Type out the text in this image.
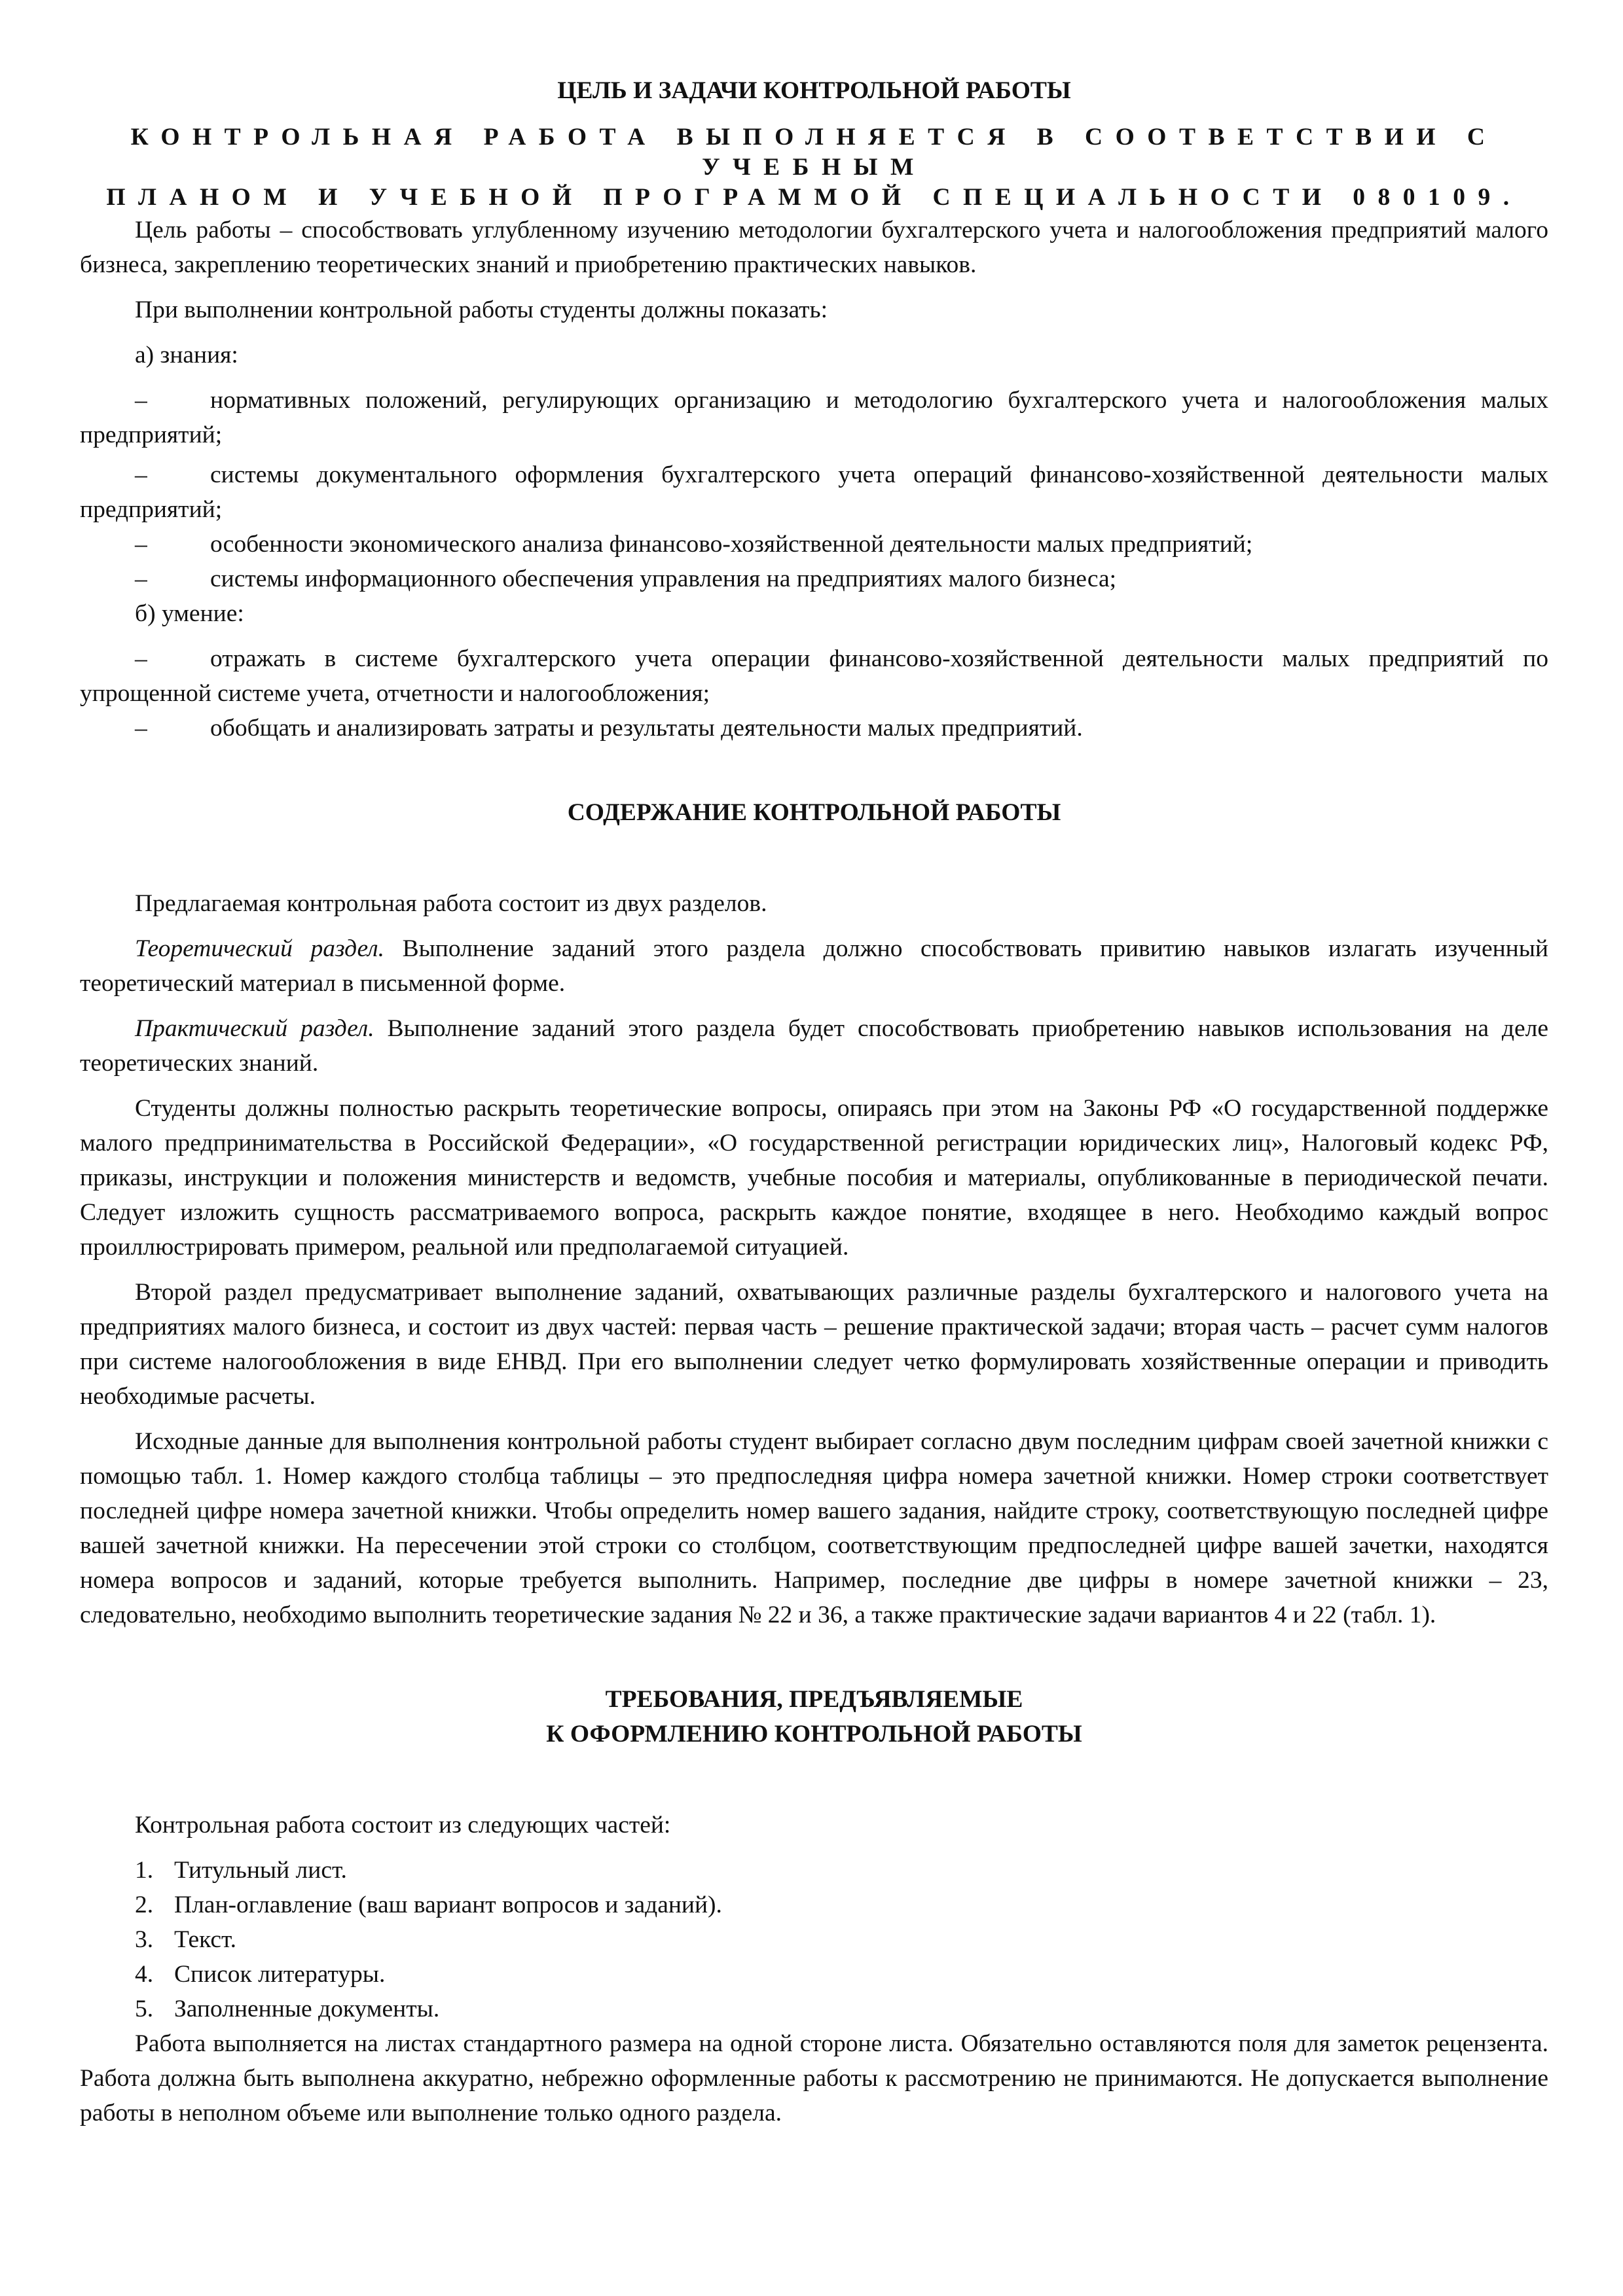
ЦЕЛЬ И ЗАДАЧИ КОНТРОЛЬНОЙ РАБОТЫ

КОНТРОЛЬНАЯ РАБОТА ВЫПОЛНЯЕТСЯ В СООТВЕТСТВИИ С УЧЕБНЫМ

ПЛАНОМ И УЧЕБНОЙ ПРОГРАММОЙ СПЕЦИАЛЬНОСТИ 080109.

Цель работы – способствовать углубленному изучению методологии бухгалтерского учета и налогообложения предприятий малого бизнеса, закреплению теоретических знаний и приобретению практических навыков.

При выполнении контрольной работы студенты должны показать:

а) знания:

–	нормативных положений, регулирующих организацию и методологию бухгалтерского учета и налогообложения малых предприятий;

–	системы документального оформления бухгалтерского учета операций финансово-хозяйственной деятельности малых предприятий;

–	особенности экономического анализа финансово-хозяйственной деятельности малых предприятий;

–	системы информационного обеспечения управления на предприятиях малого бизнеса;

б) умение:

–	отражать в системе бухгалтерского учета операции финансово-хозяйственной деятельности малых предприятий по упрощенной системе учета, отчетности и налогообложения;

–	обобщать и анализировать затраты и результаты деятельности малых предприятий.

СОДЕРЖАНИЕ КОНТРОЛЬНОЙ РАБОТЫ

Предлагаемая контрольная работа состоит из двух разделов.

Теоретический раздел. Выполнение заданий этого раздела должно способствовать привитию навыков излагать изученный теоретический материал в письменной форме.

Практический раздел. Выполнение заданий этого раздела будет способствовать приобретению навыков использования на деле теоретических знаний.

Студенты должны полностью раскрыть теоретические вопросы, опираясь при этом на Законы РФ «О государственной поддержке малого предпринимательства в Российской Федерации», «О государственной регистрации юридических лиц», Налоговый кодекс РФ, приказы, инструкции и положения министерств и ведомств, учебные пособия и материалы, опубликованные в периодической печати. Следует изложить сущность рассматриваемого вопроса, раскрыть каждое понятие, входящее в него. Необходимо каждый вопрос проиллюстрировать примером, реальной или предполагаемой ситуацией.

Второй раздел предусматривает выполнение заданий, охватывающих различные разделы бухгалтерского и налогового учета на предприятиях малого бизнеса, и состоит из двух частей: первая часть – решение практической задачи; вторая часть – расчет сумм налогов при системе налогообложения в виде ЕНВД. При его выполнении следует четко формулировать хозяйственные операции и приводить необходимые расчеты.

Исходные данные для выполнения контрольной работы студент выбирает согласно двум последним цифрам своей зачетной книжки с помощью табл. 1. Номер каждого столбца таблицы – это предпоследняя цифра номера зачетной книжки. Номер строки соответствует последней цифре номера зачетной книжки. Чтобы определить номер вашего задания, найдите строку, соответствующую последней цифре вашей зачетной книжки. На пересечении этой строки со столбцом, соответствующим предпоследней цифре вашей зачетки, находятся номера вопросов и заданий, которые требуется выполнить. Например, последние две цифры в номере зачетной книжки – 23, следовательно, необходимо выполнить теоретические задания № 22 и 36, а также практические задачи вариантов 4 и 22 (табл. 1).

ТРЕБОВАНИЯ, ПРЕДЪЯВЛЯЕМЫЕ

К ОФОРМЛЕНИЮ КОНТРОЛЬНОЙ РАБОТЫ

Контрольная работа состоит из следующих частей:

1. Титульный лист.

2. План-оглавление (ваш вариант вопросов и заданий).

3. Текст.

4. Список литературы.

5. Заполненные документы.

Работа выполняется на листах стандартного размера на одной стороне листа. Обязательно оставляются поля для заметок рецензента. Работа должна быть выполнена аккуратно, небрежно оформленные работы к рассмотрению не принимаются. Не допускается выполнение работы в неполном объеме или выполнение только одного раздела.
